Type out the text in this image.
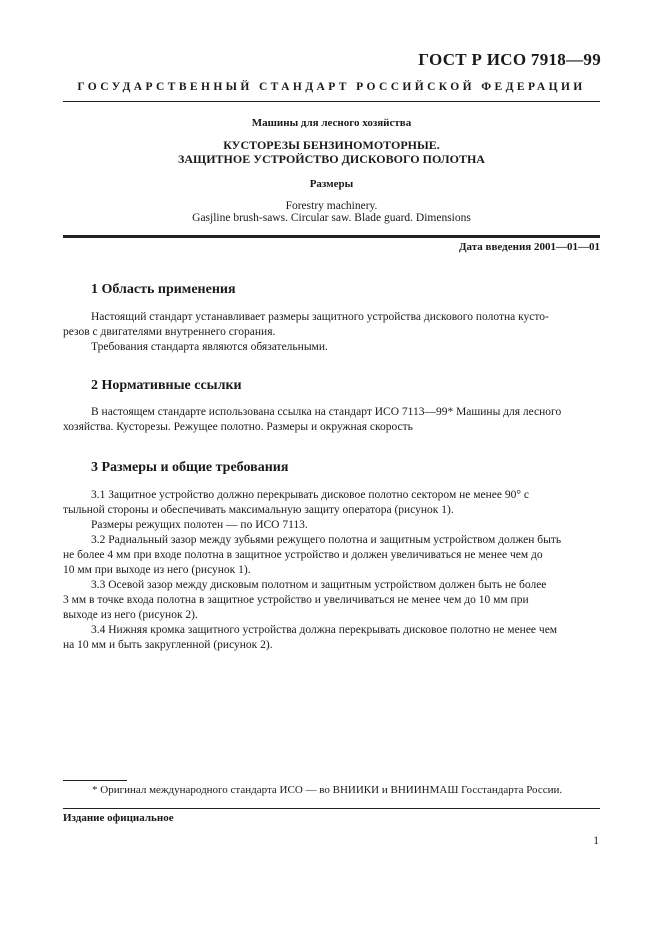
ГОСТ Р ИСО 7918—99
ГОСУДАРСТВЕННЫЙ СТАНДАРТ РОССИЙСКОЙ ФЕДЕРАЦИИ
Машины для лесного хозяйства
КУСТОРЕЗЫ БЕНЗИНОМОТОРНЫЕ.
ЗАЩИТНОЕ УСТРОЙСТВО ДИСКОВОГО ПОЛОТНА
Размеры
Forestry machinery.
Gasjline brush-saws. Circular saw. Blade guard. Dimensions
Дата введения 2001—01—01
1 Область применения
Настоящий стандарт устанавливает размеры защитного устройства дискового полотна кусто-
резов с двигателями внутреннего сгорания.
Требования стандарта являются обязательными.
2 Нормативные ссылки
В настоящем стандарте использована ссылка на стандарт ИСО 7113—99* Машины для лесного
хозяйства. Кусторезы. Режущее полотно. Размеры и окружная скорость
3 Размеры и общие требования
3.1 Защитное устройство должно перекрывать дисковое полотно сектором не менее 90° с
тыльной стороны и обеспечивать максимальную защиту оператора (рисунок 1).
Размеры режущих полотен — по ИСО 7113.
3.2 Радиальный зазор между зубьями режущего полотна и защитным устройством должен быть
не более 4 мм при входе полотна в защитное устройство и должен увеличиваться не менее чем до
10 мм при выходе из него (рисунок 1).
3.3 Осевой зазор между дисковым полотном и защитным устройством должен быть не более
3 мм в точке входа полотна в защитное устройство и увеличиваться не менее чем до 10 мм при
выходе из него (рисунок 2).
3.4 Нижняя кромка защитного устройства должна перекрывать дисковое полотно не менее чем
на 10 мм и быть закругленной (рисунок 2).
* Оригинал международного стандарта ИСО — во ВНИИКИ и ВНИИНМАШ Госстандарта России.
Издание официальное
1
